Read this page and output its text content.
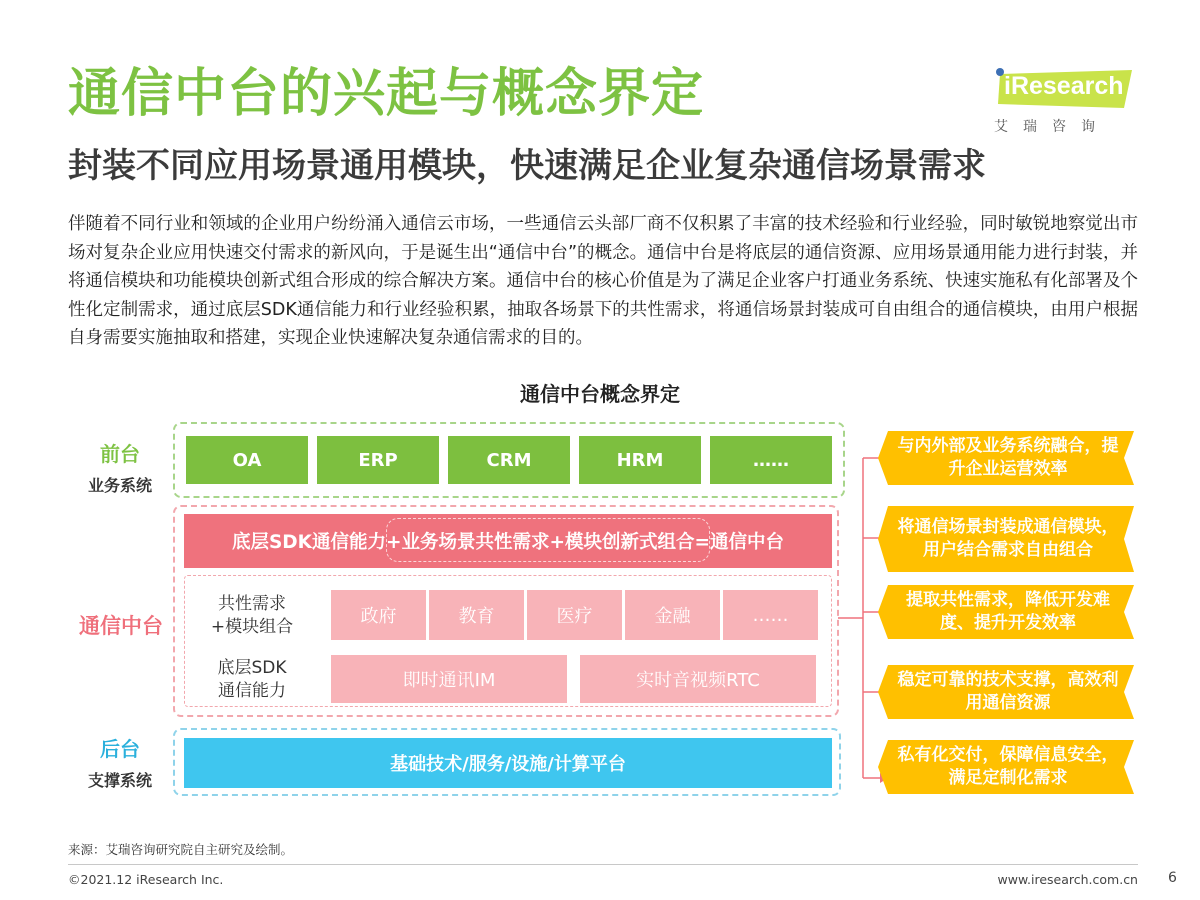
通信中台的兴起与概念界定
封装不同应用场景通用模块，快速满足企业复杂通信场景需求
iResearch
艾瑞咨询
伴随着不同行业和领域的企业用户纷纷涌入通信云市场，一些通信云头部厂商不仅积累了丰富的技术经验和行业经验，同时敏锐地察觉出市场对复杂企业应用快速交付需求的新风向，于是诞生出“通信中台”的概念。通信中台是将底层的通信资源、应用场景通用能力进行封装，并将通信模块和功能模块创新式组合形成的综合解决方案。通信中台的核心价值是为了满足企业客户打通业务系统、快速实施私有化部署及个性化定制需求，通过底层SDK通信能力和行业经验积累，抽取各场景下的共性需求，将通信场景封装成可自由组合的通信模块，由用户根据自身需要实施抽取和搭建，实现企业快速解决复杂通信需求的目的。
通信中台概念界定
前台
业务系统
通信中台
后台
支撑系统
OA	ERP	CRM	HRM	……
底层SDK通信能力+业务场景共性需求+模块创新式组合=通信中台
共性需求
+模块组合	政府	教育	医疗	金融	……
底层SDK
通信能力	即时通讯IM	实时音视频RTC
基础技术/服务/设施/计算平台
与内外部及业务系统融合，提升企业运营效率
将通信场景封装成通信模块，用户结合需求自由组合
提取共性需求，降低开发难度、提升开发效率
稳定可靠的技术支撑，高效利用通信资源
私有化交付，保障信息安全，满足定制化需求
来源：艾瑞咨询研究院自主研究及绘制。
©2021.12 iResearch Inc.	www.iresearch.com.cn 6
